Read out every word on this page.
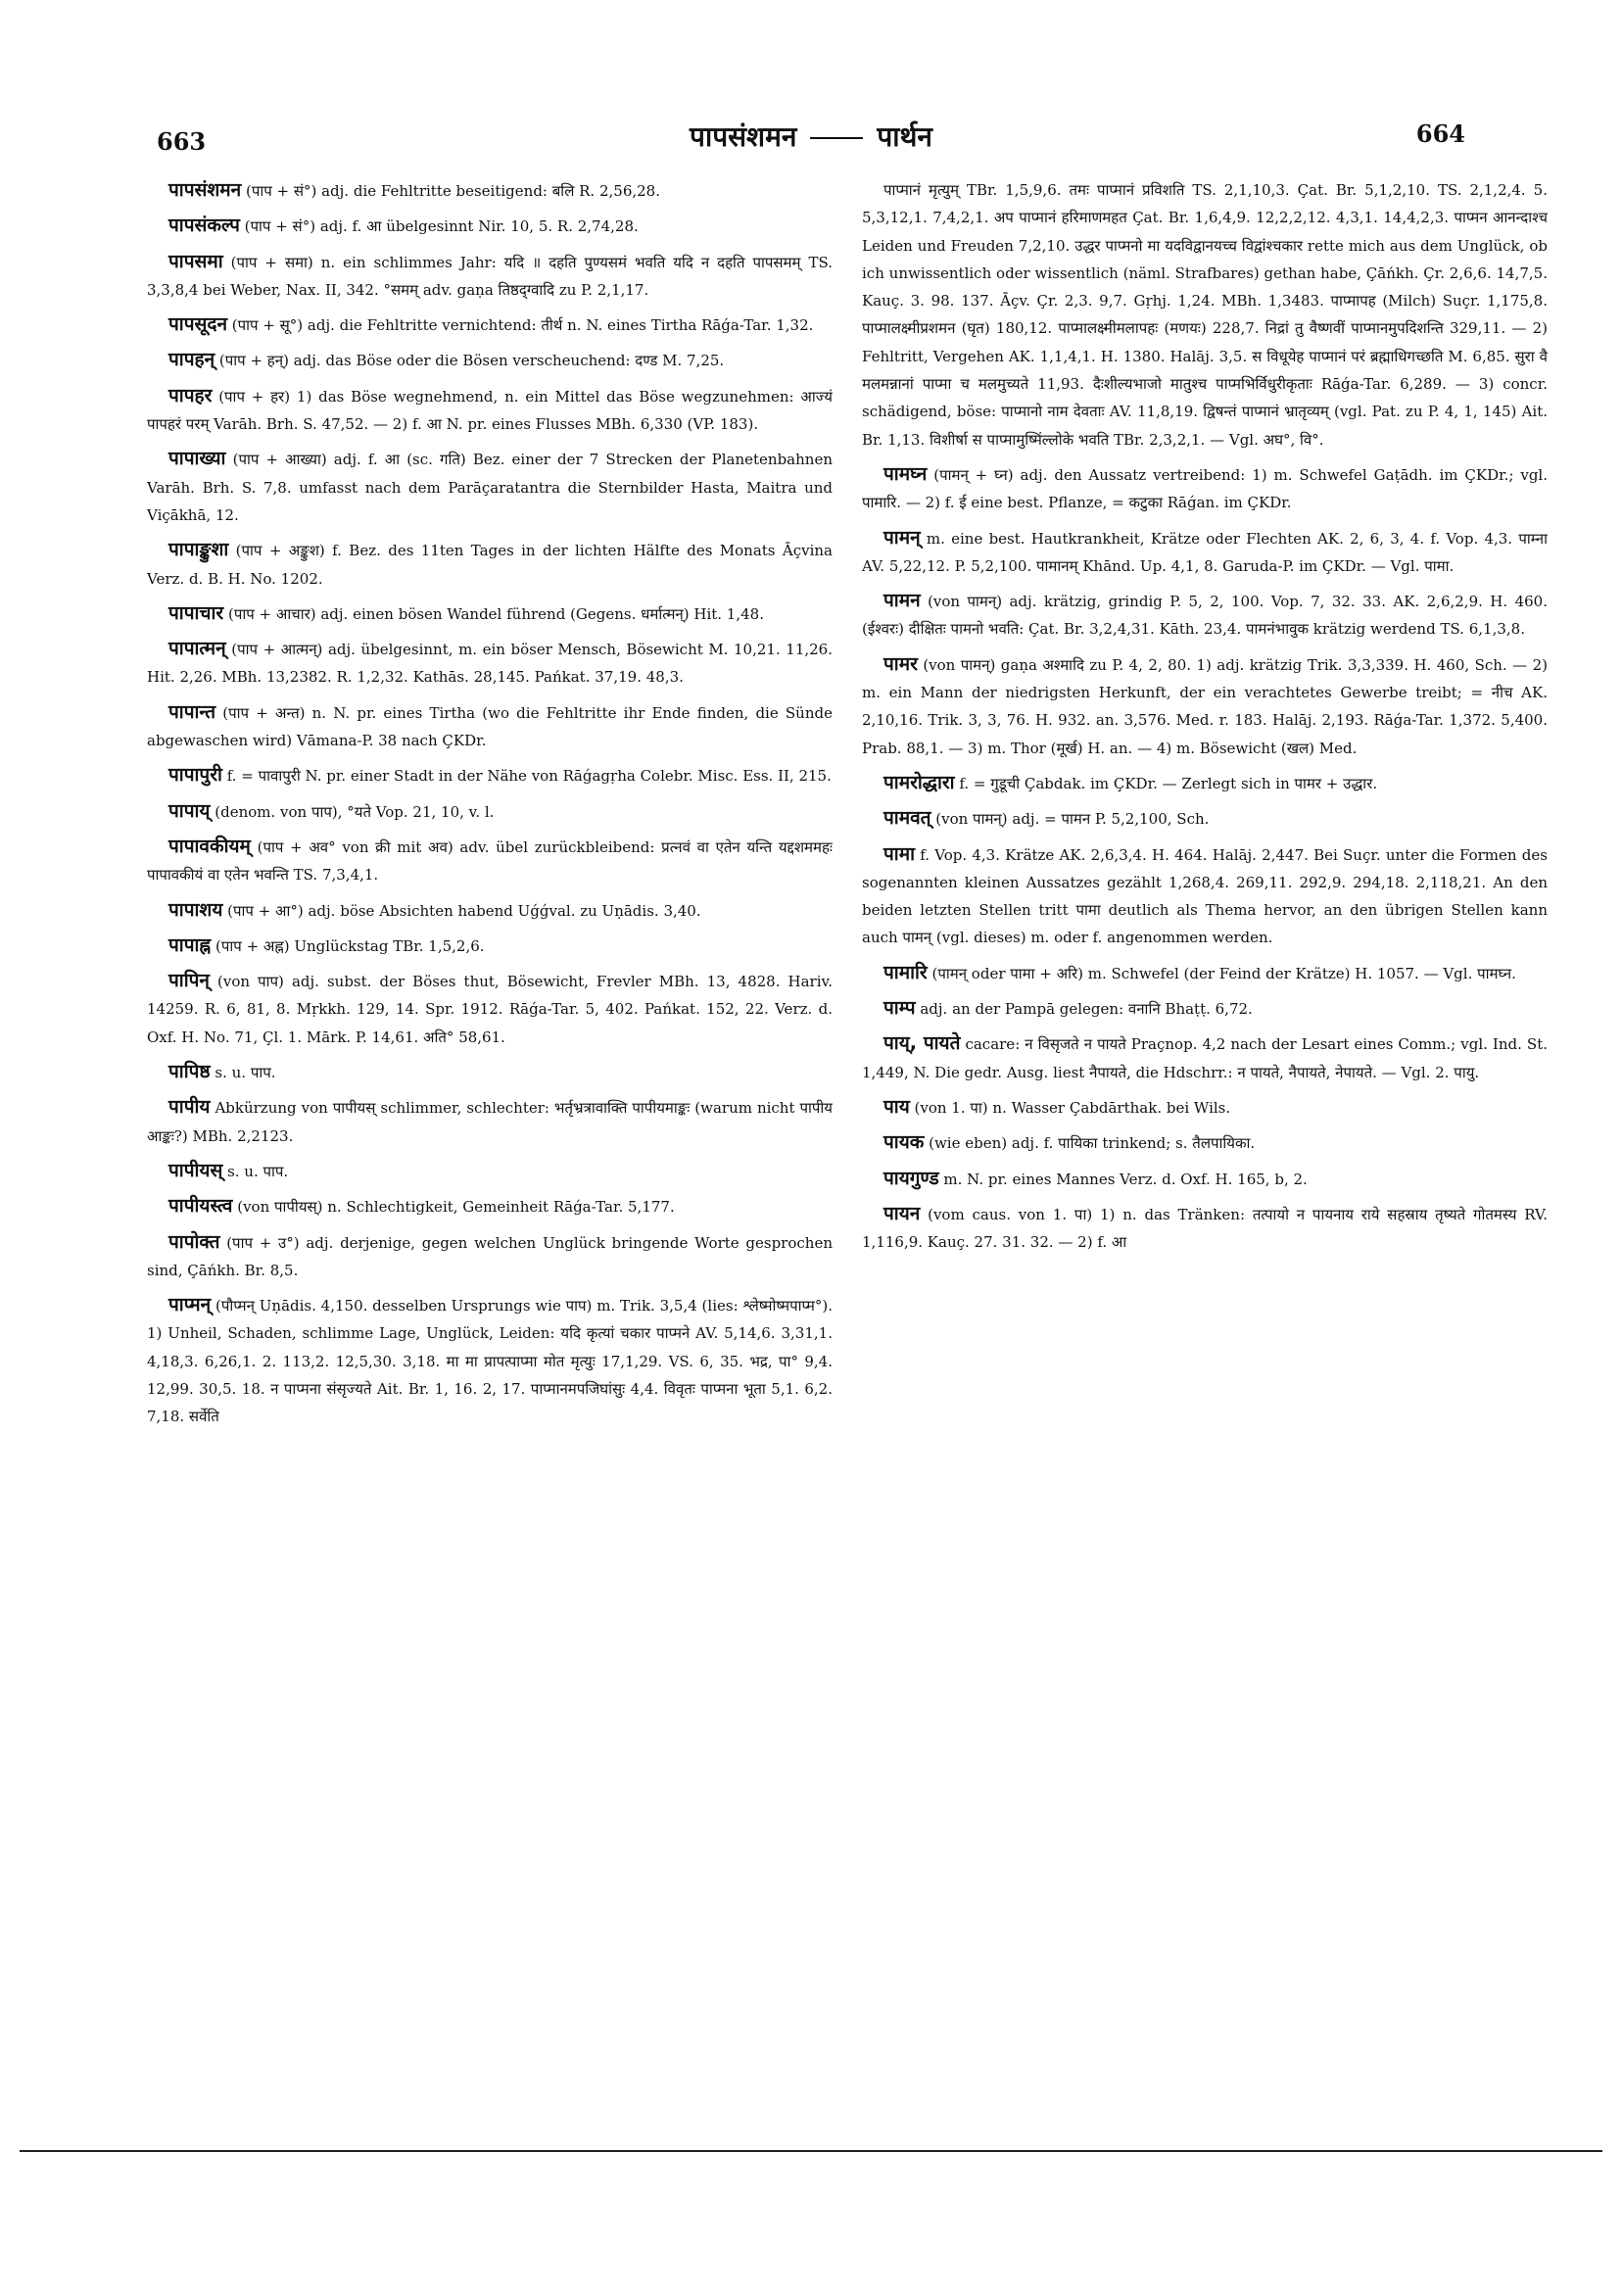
663	पापसंशमन	पार्थन	664

पापसंशमन (पाप + सं°) adj. die Fehltritte beseitigend: बलि R. 2,56,28.

पापसंकल्प (पाप + सं°) adj. f. आ übelgesinnt Nir. 10, 5. R. 2,74,28.

पापसमा (पाप + समा) n. ein schlimmes Jahr: यदि ॥ दहति पुण्यसमं भवति यदि न दहति पापसमम् TS. 3,3,8,4 bei Weber, Nax. II, 342. °समम् adv. gaṇa तिष्ठद्ग्वादि zu P. 2,1,17.

पापसूदन (पाप + सू°) adj. die Fehltritte vernichtend: तीर्थ n. N. eines Tirtha Rāǵa-Tar. 1,32.

पापहन् (पाप + हन्) adj. das Böse oder die Bösen verscheuchend: दण्ड M. 7,25.

पापहर (पाप + हर) 1) das Böse wegnehmend, n. ein Mittel das Böse wegzunehmen: आज्यं पापहरं परम् Varāh. Brh. S. 47,52. — 2) f. आ N. pr. eines Flusses MBh. 6,330 (VP. 183).

पापाख्या (पाप + आख्या) adj. f. आ (sc. गति) Bez. einer der 7 Strecken der Planetenbahnen Varāh. Brh. S. 7,8. umfasst nach dem Parāçaratantra die Sternbilder Hasta, Maitra und Viçākhā, 12.

पापाङ्कुशा (पाप + अङ्कुश) f. Bez. des 11ten Tages in der lichten Hälfte des Monats Āçvina Verz. d. B. H. No. 1202.

पापाचार (पाप + आचार) adj. einen bösen Wandel führend (Gegens. धर्मात्मन्) Hit. 1,48.

पापात्मन् (पाप + आत्मन्) adj. übelgesinnt, m. ein böser Mensch, Bösewicht M. 10,21. 11,26. Hit. 2,26. MBh. 13,2382. R. 1,2,32. Kathās. 28,145. Pańkat. 37,19. 48,3.

पापान्त (पाप + अन्त) n. N. pr. eines Tirtha (wo die Fehltritte ihr Ende finden, die Sünde abgewaschen wird) Vāmana-P. 38 nach ÇKDr.

पापापुरी f. = पावापुरी N. pr. einer Stadt in der Nähe von Rāǵagṛha Colebr. Misc. Ess. II, 215.

पापाय् (denom. von पाप), °यते Vop. 21, 10, v. l.

पापावकीयम् (पाप + अव° von क्री mit अव) adv. übel zurückbleibend: प्रत्नवं वा एतेन यन्ति यद्दशममहः पापावकीयं वा एतेन भवन्ति TS. 7,3,4,1.

पापाशय (पाप + आ°) adj. böse Absichten habend Uǵǵval. zu Uṇādis. 3,40.

पापाह्न (पाप + अह्न) Unglückstag TBr. 1,5,2,6.

पापिन् (von पाप) adj. subst. der Böses thut, Bösewicht, Frevler MBh. 13, 4828. Hariv. 14259. R. 6, 81, 8. Mṛkkh. 129, 14. Spr. 1912. Rāǵa-Tar. 5, 402. Pańkat. 152, 22. Verz. d. Oxf. H. No. 71, Çl. 1. Mārk. P. 14,61. अति° 58,61.

पापिष्ठ s. u. पाप.

पापीय Abkürzung von पापीयस् schlimmer, schlechter: भर्तृभ्रत्रावाक्ति पापीयमाङ्कः (warum nicht पापीय आङ्कः?) MBh. 2,2123.

पापीयस् s. u. पाप.

पापीयस्त्व (von पापीयस्) n. Schlechtigkeit, Gemeinheit Rāǵa-Tar. 5,177.

पापोक्त (पाप + उ°) adj. derjenige, gegen welchen Unglück bringende Worte gesprochen sind, Çāńkh. Br. 8,5.

पाप्मन् (पौप्मन् Uṇādis. 4,150. desselben Ursprungs wie पाप) m. Trik. 3,5,4 (lies: श्लेष्मोष्मपाप्म°). 1) Unheil, Schaden, schlimme Lage, Unglück, Leiden: यदि कृत्यां चकार पाप्मने AV. 5,14,6. 3,31,1. 4,18,3. 6,26,1. 2. 113,2. 12,5,30. 3,18. मा मा प्रापत्पाप्मा मोत मृत्युः 17,1,29. VS. 6, 35. भद्र, पा° 9,4. 12,99. 30,5. 18. न पाप्मना संसृज्यते Ait. Br. 1, 16. 2, 17. पाप्मानमपजिघांसुः 4,4. विवृतः पाप्मना भूता 5,1. 6,2. 7,18. सर्वेति

पाप्मानं मृत्युम् TBr. 1,5,9,6. तमः पाप्मानं प्रविशति TS. 2,1,10,3. Çat. Br. 5,1,2,10. TS. 2,1,2,4. 5. 5,3,12,1. 7,4,2,1. अप पाप्मानं हरिमाणमहत Çat. Br. 1,6,4,9. 12,2,2,12. 4,3,1. 14,4,2,3. पाप्मन आनन्दाश्च Leiden und Freuden 7,2,10. उद्धर पाप्मनो मा यदविद्वानयच्च विद्वांश्चकार rette mich aus dem Unglück, ob ich unwissentlich oder wissentlich (näml. Strafbares) gethan habe, Çāńkh. Çr. 2,6,6. 14,7,5. Kauç. 3. 98. 137. Āçv. Çr. 2,3. 9,7. Gṛhj. 1,24. MBh. 1,3483. पाप्मापह (Milch) Suçr. 1,175,8. पाप्मालक्ष्मीप्रशमन (घृत) 180,12. पाप्मालक्ष्मीमलापहः (मणयः) 228,7. निद्रां तु वैष्णवीं पाप्मानमुपदिशन्ति 329,11. — 2) Fehltritt, Vergehen AK. 1,1,4,1. H. 1380. Halāj. 3,5. स विधूयेह पाप्मानं परं ब्रह्माधिगच्छति M. 6,85. सुरा वै मलमन्नानां पाप्मा च मलमुच्यते 11,93. दैःशील्यभाजो मातुश्च पाप्मभिर्विधुरीकृताः Rāǵa-Tar. 6,289. — 3) concr. schädigend, böse: पाप्मानो नाम देवताः AV. 11,8,19. द्विषन्तं पाप्मानं भ्रातृव्यम् (vgl. Pat. zu P. 4, 1, 145) Ait. Br. 1,13. विशीर्षा स पाप्मामुष्मिंल्लोके भवति TBr. 2,3,2,1. — Vgl. अघ°, वि°.

पामघ्न (पामन् + घ्न) adj. den Aussatz vertreibend: 1) m. Schwefel Gaṭādh. im ÇKDr.; vgl. पामारि. — 2) f. ई eine best. Pflanze, = कटुका Rāǵan. im ÇKDr.

पामन् m. eine best. Hautkrankheit, Krätze oder Flechten AK. 2, 6, 3, 4. f. Vop. 4,3. पाम्ना AV. 5,22,12. P. 5,2,100. पामानम् Khānd. Up. 4,1, 8. Garuda-P. im ÇKDr. — Vgl. पामा.

पामन (von पामन्) adj. krätzig, grindig P. 5, 2, 100. Vop. 7, 32. 33. AK. 2,6,2,9. H. 460. (ईश्वरः) दीक्षितः पामनो भवति: Çat. Br. 3,2,4,31. Kāth. 23,4. पामनंभावुक krätzig werdend TS. 6,1,3,8.

पामर (von पामन्) gaṇa अश्मादि zu P. 4, 2, 80. 1) adj. krätzig Trik. 3,3,339. H. 460, Sch. — 2) m. ein Mann der niedrigsten Herkunft, der ein verachtetes Gewerbe treibt; = नीच AK. 2,10,16. Trik. 3, 3, 76. H. 932. an. 3,576. Med. r. 183. Halāj. 2,193. Rāǵa-Tar. 1,372. 5,400. Prab. 88,1. — 3) m. Thor (मूर्ख) H. an. — 4) m. Bösewicht (खल) Med.

पामरोद्धारा f. = गुडूची Çabdak. im ÇKDr. — Zerlegt sich in पामर + उद्धार.

पामवत् (von पामन्) adj. = पामन P. 5,2,100, Sch.

पामा f. Vop. 4,3. Krätze AK. 2,6,3,4. H. 464. Halāj. 2,447. Bei Suçr. unter die Formen des sogenannten kleinen Aussatzes gezählt 1,268,4. 269,11. 292,9. 294,18. 2,118,21. An den beiden letzten Stellen tritt पामा deutlich als Thema hervor, an den übrigen Stellen kann auch पामन् (vgl. dieses) m. oder f. angenommen werden.

पामारि (पामन् oder पामा + अरि) m. Schwefel (der Feind der Krätze) H. 1057. — Vgl. पामघ्न.

पाम्प adj. an der Pampā gelegen: वनानि Bhaṭṭ. 6,72.

पाय्, पायते cacare: न विसृजते न पायते Praçnop. 4,2 nach der Lesart eines Comm.; vgl. Ind. St. 1,449, N. Die gedr. Ausg. liest नैपायते, die Hdschrr.: न पायते, नैपायते, नेपायते. — Vgl. 2. पायु.

पाय (von 1. पा) n. Wasser Çabdārthak. bei Wils.

पायक (wie eben) adj. f. पायिका trinkend; s. तैलपायिका.

पायगुण्ड m. N. pr. eines Mannes Verz. d. Oxf. H. 165, b, 2.

पायन (vom caus. von 1. पा) 1) n. das Tränken: तत्पायो न पायनाय राये सहस्राय तृष्यते गोतमस्य RV. 1,116,9. Kauç. 27. 31. 32. — 2) f. आ
